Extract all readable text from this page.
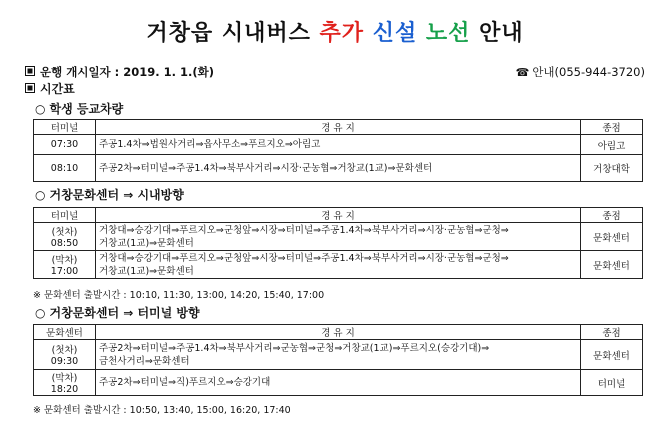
거창읍 시내버스 추가 신설 노선 안내
운행 개시일자 : 2019. 1. 1.(화)	☎ 안내(055-944-3720)
시간표
○ 학생 등교차량
터미널	경 유 지	종점
07:30	주공1.4차⇒법원사거리⇒읍사무소⇒푸르지오⇒아림고	아림고
08:10	주공2차⇒터미널⇒주공1.4차⇒북부사거리⇒시장·군농협⇒거창교(1교)⇒문화센터	거창대학
○ 거창문화센터 ⇒ 시내방향
터미널	경 유 지	종점
(첫차) 08:50	거창대⇒승강기대⇒푸르지오⇒군청앞⇒시장⇒터미널⇒주공1.4차⇒북부사거리⇒시장·군농협⇒군청⇒
거창교(1교)⇒문화센터	문화센터
(막차) 17:00	거창대⇒승강기대⇒푸르지오⇒군청앞⇒시장⇒터미널⇒주공1.4차⇒북부사거리⇒시장·군농협⇒군청⇒
거창교(1교)⇒문화센터	문화센터
※ 문화센터 출발시간 : 10:10, 11:30, 13:00, 14:20, 15:40, 17:00
○ 거창문화센터 ⇒ 터미널 방향
문화센터	경 유 지	종점
(첫차) 09:30	주공2차⇒터미널⇒주공1.4차⇒북부사거리⇒군농협⇒군청⇒거창교(1교)⇒푸르지오(승강기대)⇒
금천사거리⇒문화센터	문화센터
(막차) 18:20	주공2차⇒터미널⇒직)푸르지오⇒승강기대	터미널
※ 문화센터 출발시간 : 10:50, 13:40, 15:00, 16:20, 17:40
